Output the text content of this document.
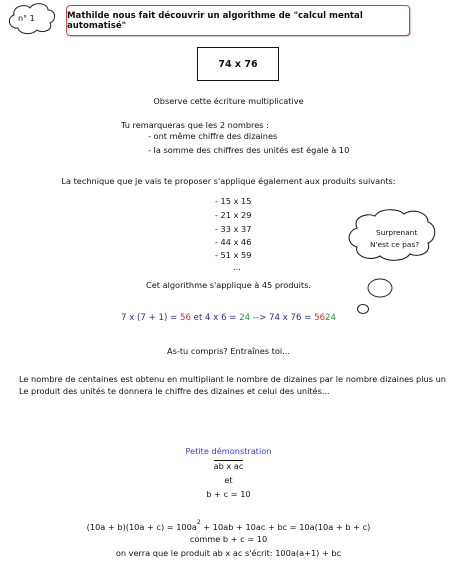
n° 1	Mathilde nous fait découvrir un algorithme de "calcul mental automatisé"
74 x 76
Observe cette écriture multiplicative
Tu remarqueras que les 2 nombres :
- ont même chiffre des dizaines
- la somme des chiffres des unités est égale à 10
La technique que je vais te proposer s'applique également aux produits suivants:
- 15 x 15
- 21 x 29
- 33 x 37
- 44 x 46
- 51 x 59
...
Surprenant
N'est ce pas?
Cet algorithme s'applique à 45 produits.
7 x (7 + 1) = 56 et 4 x 6 = 24 --> 74 x 76 = 5624
As-tu compris? Entraînes toi...
Le nombre de centaines est obtenu en multipliant le nombre de dizaines par le nombre dizaines plus un
Le produit des unités te donnera le chiffre des dizaines et celui des unités...
Petite démonstration
ab x ac
et
b + c = 10
$(10a + b)(10a + c) = 100a^2 + 10ab + 10ac$ + bc = 10a(10a + b + c)
comme b + c = 10
on verra que le produit ab x ac s'écrit: 100a(a+1) + bc
